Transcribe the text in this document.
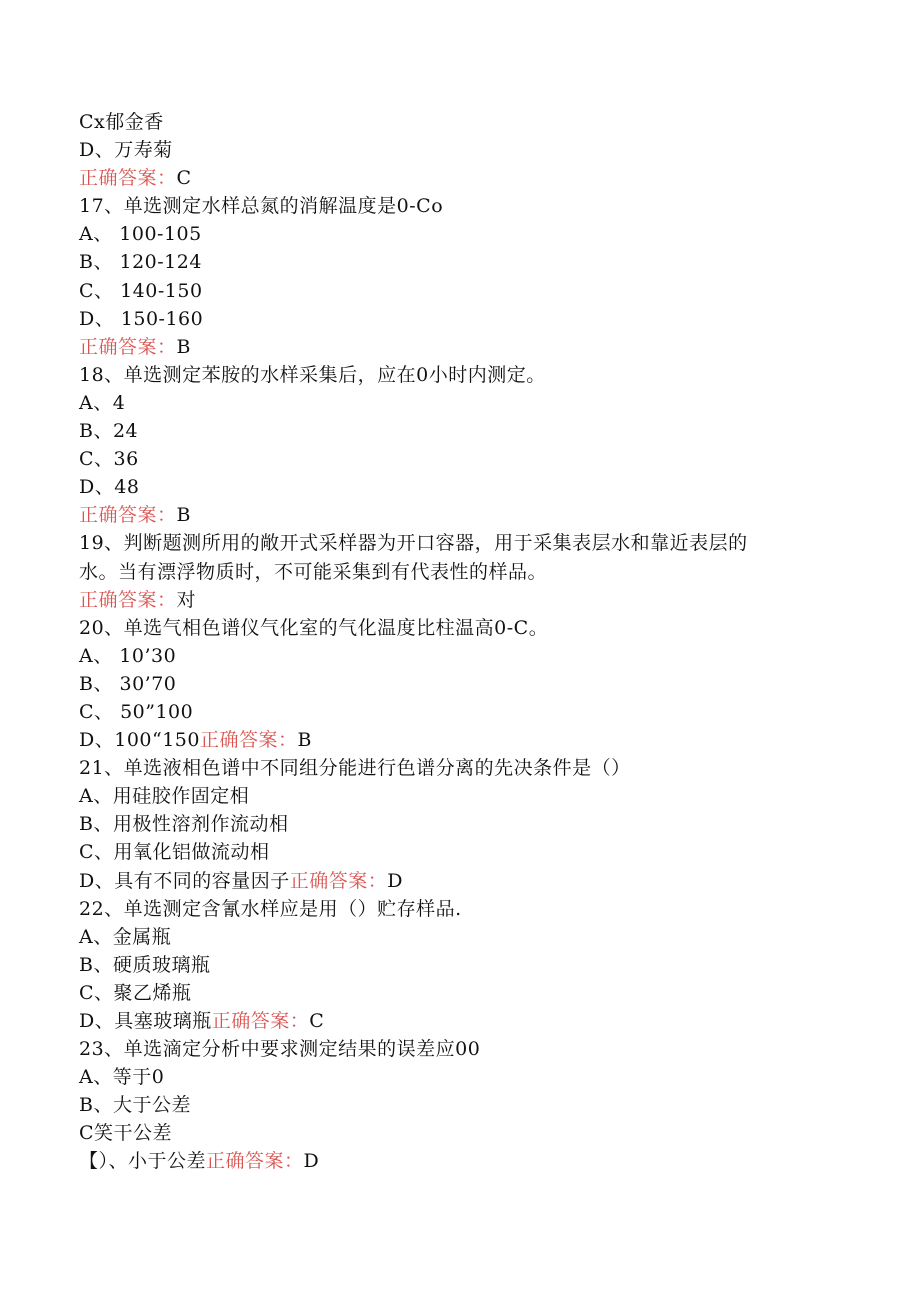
Cx郁金香
D、万寿菊
正确答案：C
17、单选测定水样总氮的消解温度是0-Co
A、 100-105
B、 120-124
C、 140-150
D、 150-160
正确答案：B
18、单选测定苯胺的水样采集后，应在0小时内测定。
A、4
B、24
C、36
D、48
正确答案：B
19、判断题测所用的敞开式采样器为开口容器，用于采集表层水和靠近表层的
水。当有漂浮物质时，不可能采集到有代表性的样品。
正确答案：对
20、单选气相色谱仪气化室的气化温度比柱温高0-C。
A、 10’30
B、 30’70
C、 50”100
D、100“150正确答案：B
21、单选液相色谱中不同组分能进行色谱分离的先决条件是（）
A、用硅胶作固定相
B、用极性溶剂作流动相
C、用氧化铝做流动相
D、具有不同的容量因子正确答案：D
22、单选测定含氰水样应是用（）贮存样品.
A、金属瓶
B、硬质玻璃瓶
C、聚乙烯瓶
D、具塞玻璃瓶正确答案：C
23、单选滴定分析中要求测定结果的误差应00
A、等于0
B、大于公差
C笑干公差
【）、小于公差正确答案：D
